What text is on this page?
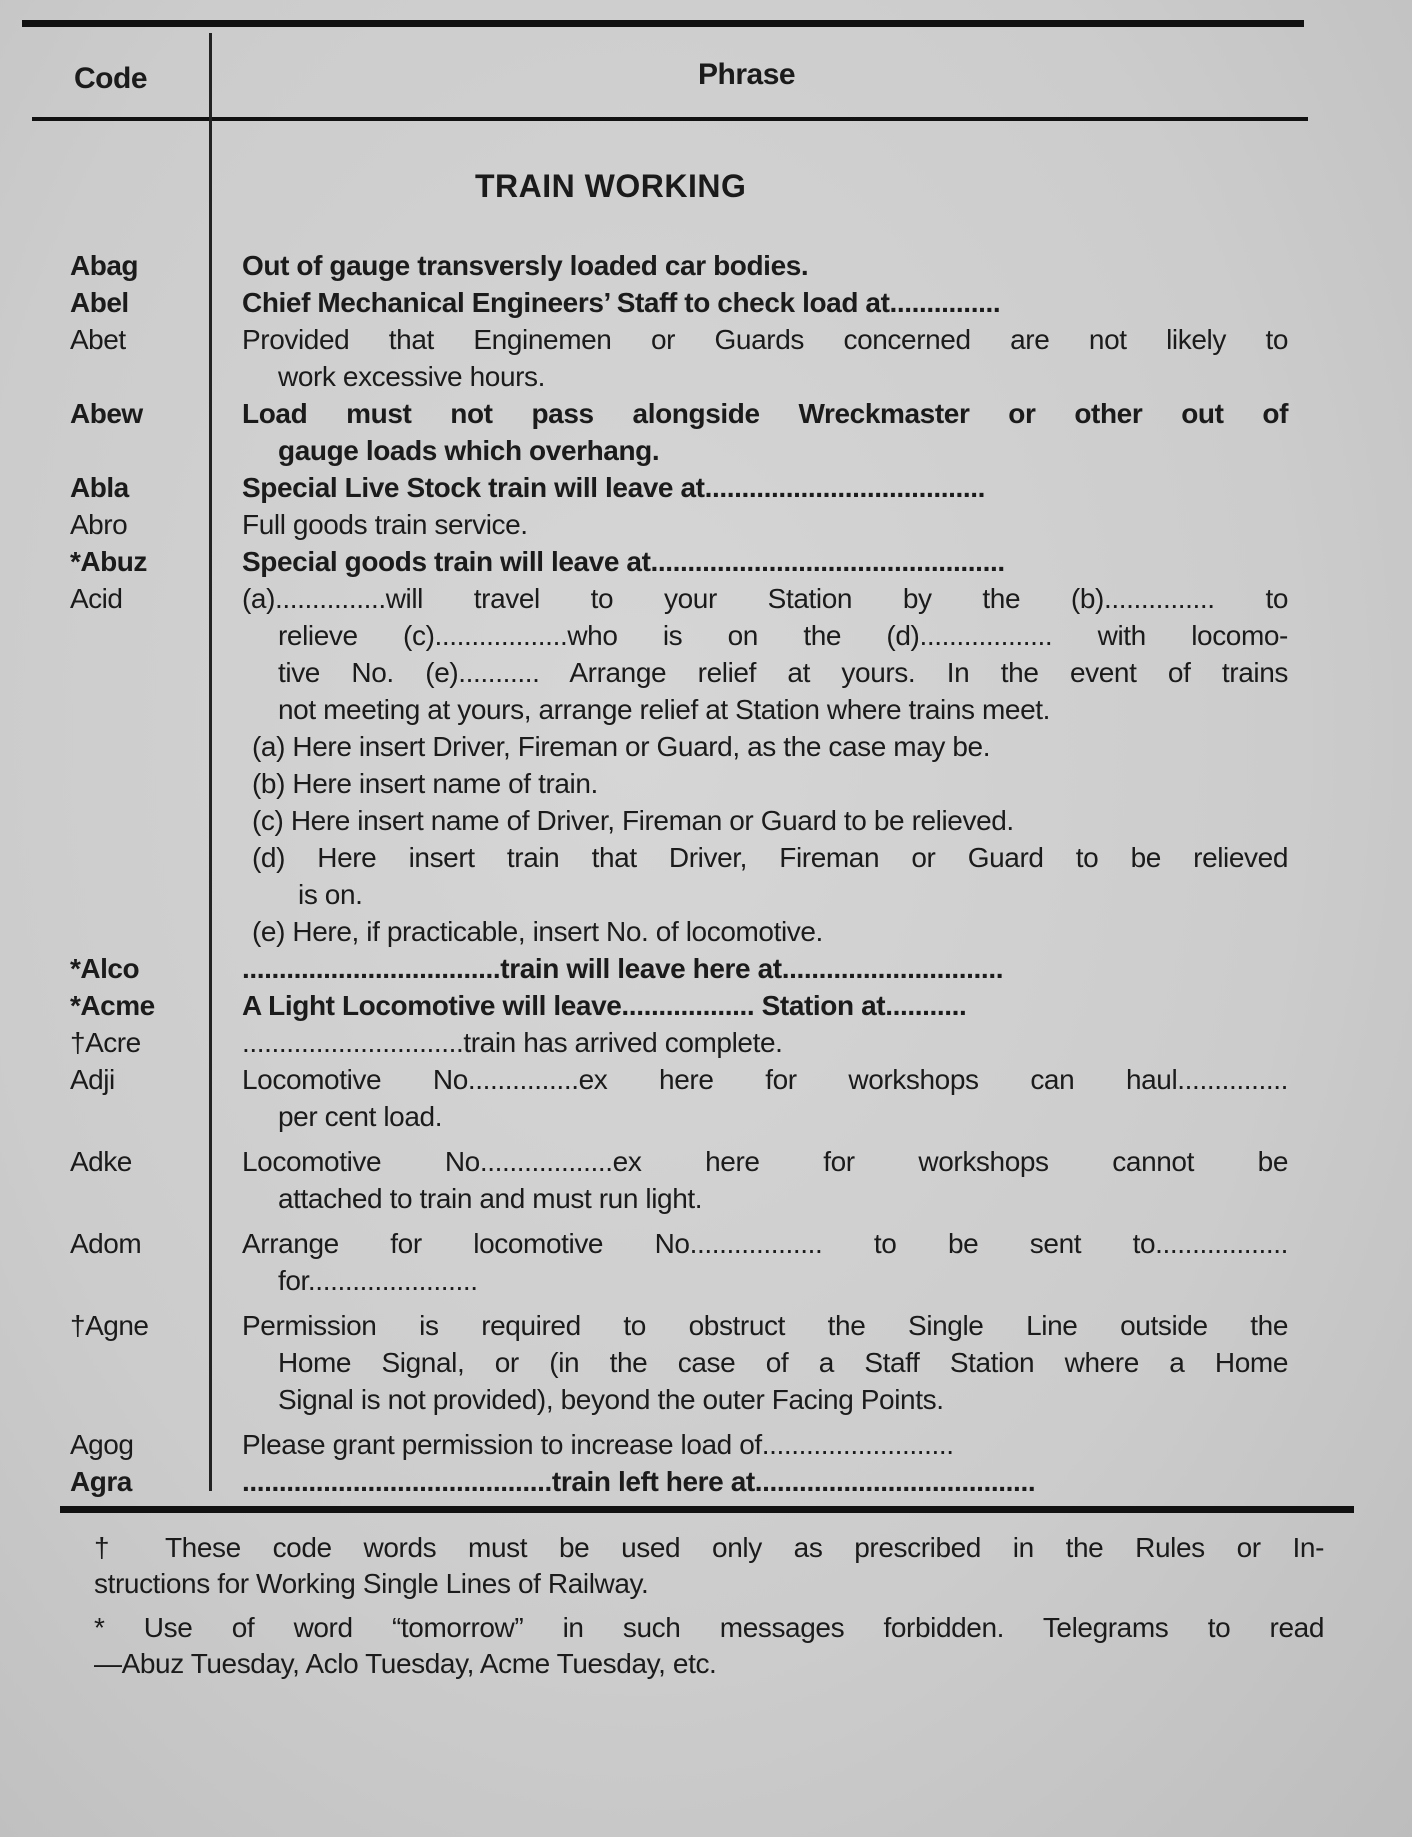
Code	Phrase
TRAIN WORKING
Abag	Out of gauge transversly loaded car bodies.
Abel	Chief Mechanical Engineers’ Staff to check load at...............
Abet	Provided that Enginemen or Guards concerned are not likely to
work excessive hours.
Abew	Load must not pass alongside Wreckmaster or other out of
gauge loads which overhang.
Abla	Special Live Stock train will leave at......................................
Abro	Full goods train service.
*Abuz	Special goods train will leave at................................................
Acid	(a)...............will travel to your Station by the (b)............... to
relieve (c)..................who is on the (d).................. with locomo-
tive No. (e)........... Arrange relief at yours. In the event of trains
not meeting at yours, arrange relief at Station where trains meet.
(a) Here insert Driver, Fireman or Guard, as the case may be.
(b) Here insert name of train.
(c) Here insert name of Driver, Fireman or Guard to be relieved.
(d) Here insert train that Driver, Fireman or Guard to be relieved
is on.
(e) Here, if practicable, insert No. of locomotive.
*Alco	...................................train will leave here at..............................
*Acme	A Light Locomotive will leave.................. Station at...........
†Acre	..............................train has arrived complete.
Adji	Locomotive No...............ex here for workshops can haul...............
per cent load.
Adke	Locomotive No..................ex here for workshops cannot be
attached to train and must run light.
Adom	Arrange for locomotive No.................. to be sent to..................
for.......................
†Agne	Permission is required to obstruct the Single Line outside the
Home Signal, or (in the case of a Staff Station where a Home
Signal is not provided), beyond the outer Facing Points.
Agog	Please grant permission to increase load of..........................
Agra	..........................................train left here at......................................
† These code words must be used only as prescribed in the Rules or In-
structions for Working Single Lines of Railway.
* Use of word “tomorrow” in such messages forbidden. Telegrams to read
—Abuz Tuesday, Aclo Tuesday, Acme Tuesday, etc.
